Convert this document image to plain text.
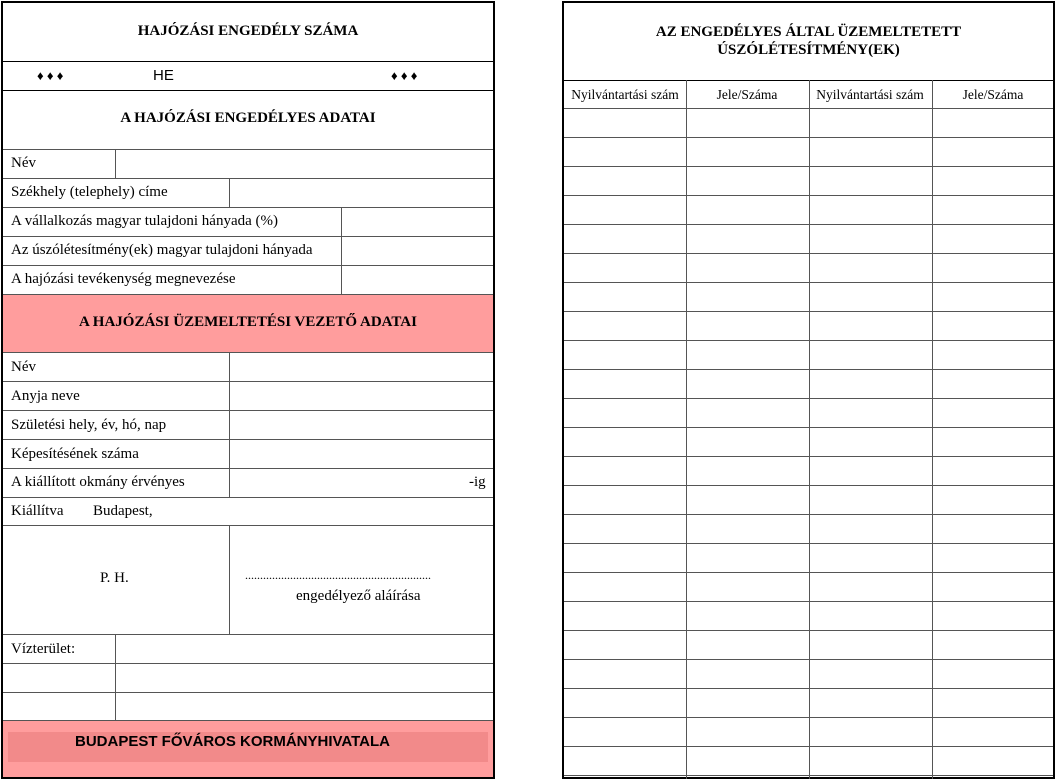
HAJÓZÁSI ENGEDÉLY SZÁMA
♦ ♦ ♦	HE	♦ ♦ ♦
A HAJÓZÁSI ENGEDÉLYES ADATAI
Név
Székhely (telephely) címe
A vállalkozás magyar tulajdoni hányada (%)
Az úszólétesítmény(ek) magyar tulajdoni hányada
A hajózási tevékenység megnevezése
A HAJÓZÁSI ÜZEMELTETÉSI VEZETŐ ADATAI
Név
Anyja neve
Születési hely, év, hó, nap
Képesítésének száma
A kiállított okmány érvényes	-ig
Kiállítva Budapest,
P. H.	..............................................................
engedélyező aláírása
Vízterület:
BUDAPEST FŐVÁROS KORMÁNYHIVATALA
AZ ENGEDÉLYES ÁLTAL ÜZEMELTETETT
ÚSZÓLÉTESÍTMÉNY(EK)
Nyilvántartási szám	Jele/Száma	Nyilvántartási szám	Jele/Száma
